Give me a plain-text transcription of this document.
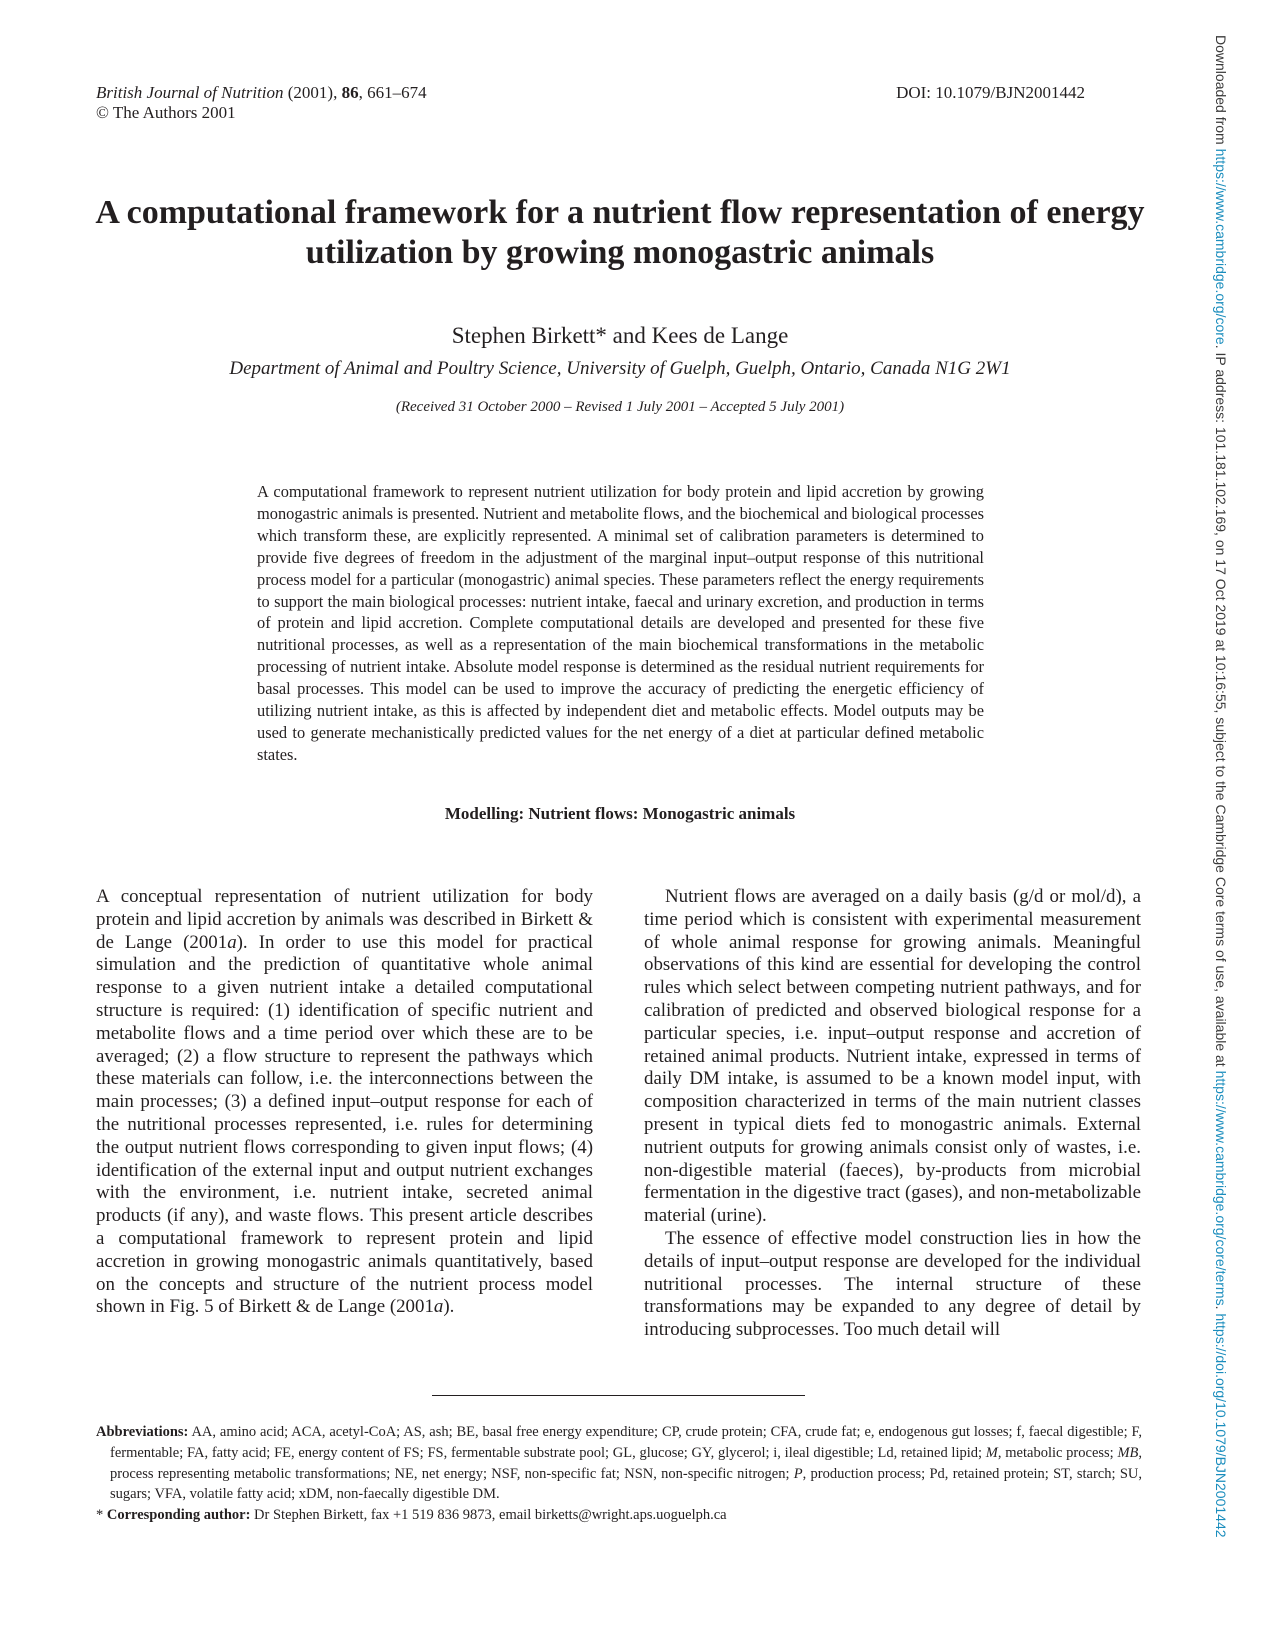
British Journal of Nutrition (2001), 86, 661–674
© The Authors 2001
DOI: 10.1079/BJN2001442
A computational framework for a nutrient flow representation of energy
utilization by growing monogastric animals
Stephen Birkett* and Kees de Lange
Department of Animal and Poultry Science, University of Guelph, Guelph, Ontario, Canada N1G 2W1
(Received 31 October 2000 – Revised 1 July 2001 – Accepted 5 July 2001)

A computational framework to represent nutrient utilization for body protein and lipid accretion by growing monogastric animals is presented. Nutrient and metabolite flows, and the biochemical and biological processes which transform these, are explicitly represented. A minimal set of calibration parameters is determined to provide five degrees of freedom in the adjustment of the marginal input–output response of this nutritional process model for a particular (monogastric) animal species. These parameters reflect the energy requirements to support the main biological processes: nutrient intake, faecal and urinary excretion, and production in terms of protein and lipid accretion. Complete computational details are developed and presented for these five nutritional processes, as well as a representation of the main biochemical transformations in the metabolic processing of nutrient intake. Absolute model response is determined as the residual nutrient requirements for basal processes. This model can be used to improve the accuracy of predicting the energetic efficiency of utilizing nutrient intake, as this is affected by independent diet and metabolic effects. Model outputs may be used to generate mechanistically predicted values for the net energy of a diet at particular defined metabolic states.

Modelling: Nutrient flows: Monogastric animals

A conceptual representation of nutrient utilization for body protein and lipid accretion by animals was described in Birkett & de Lange (2001a). In order to use this model for practical simulation and the prediction of quantitative whole animal response to a given nutrient intake a detailed computational structure is required: (1) identification of specific nutrient and metabolite flows and a time period over which these are to be averaged; (2) a flow structure to represent the pathways which these materials can follow, i.e. the interconnections between the main processes; (3) a defined input–output response for each of the nutritional processes represented, i.e. rules for determining the output nutrient flows corresponding to given input flows; (4) identification of the external input and output nutrient exchanges with the environment, i.e. nutrient intake, secreted animal products (if any), and waste flows. This present article describes a computational framework to represent protein and lipid accretion in growing monogastric animals quantitatively, based on the concepts and structure of the nutrient process model shown in Fig. 5 of Birkett & de Lange (2001a).

Nutrient flows are averaged on a daily basis (g/d or mol/d), a time period which is consistent with experimental measurement of whole animal response for growing animals. Meaningful observations of this kind are essential for developing the control rules which select between competing nutrient pathways, and for calibration of predicted and observed biological response for a particular species, i.e. input–output response and accretion of retained animal products. Nutrient intake, expressed in terms of daily DM intake, is assumed to be a known model input, with composition characterized in terms of the main nutrient classes present in typical diets fed to monogastric animals. External nutrient outputs for growing animals consist only of wastes, i.e. non-digestible material (faeces), by-products from microbial fermentation in the digestive tract (gases), and non-metabolizable material (urine).

The essence of effective model construction lies in how the details of input–output response are developed for the individual nutritional processes. The internal structure of these transformations may be expanded to any degree of detail by introducing subprocesses. Too much detail will

Abbreviations: AA, amino acid; ACA, acetyl-CoA; AS, ash; BE, basal free energy expenditure; CP, crude protein; CFA, crude fat; e, endogenous gut losses; f, faecal digestible; F, fermentable; FA, fatty acid; FE, energy content of FS; FS, fermentable substrate pool; GL, glucose; GY, glycerol; i, ileal digestible; Ld, retained lipid; M, metabolic process; MB, process representing metabolic transformations; NE, net energy; NSF, non-specific fat; NSN, non-specific nitrogen; P, production process; Pd, retained protein; ST, starch; SU, sugars; VFA, volatile fatty acid; xDM, non-faecally digestible DM.

* Corresponding author: Dr Stephen Birkett, fax +1 519 836 9873, email birketts@wright.aps.uoguelph.ca

Downloaded from https://www.cambridge.org/core. IP address: 101.181.102.169, on 17 Oct 2019 at 10:16:55, subject to the Cambridge Core terms of use, available at https://www.cambridge.org/core/terms. https://doi.org/10.1079/BJN2001442
